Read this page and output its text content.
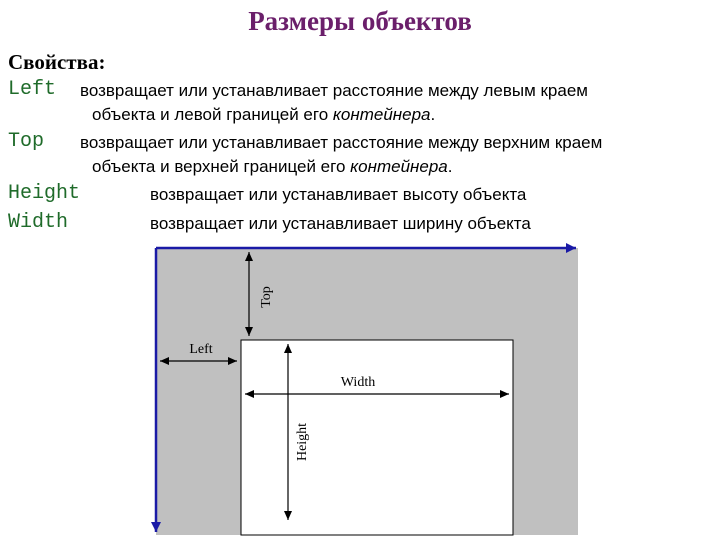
Размеры объектов
Свойства:
Left возвращает или устанавливает расстояние между левым краем
объекта и левой границей его контейнера.
Top возвращает или устанавливает расстояние между верхним краем
объекта и верхней границей его контейнера.
Height	возвращает или устанавливает высоту объекта
Width	возвращает или устанавливает ширину объекта
Top
Left
Width
Height
